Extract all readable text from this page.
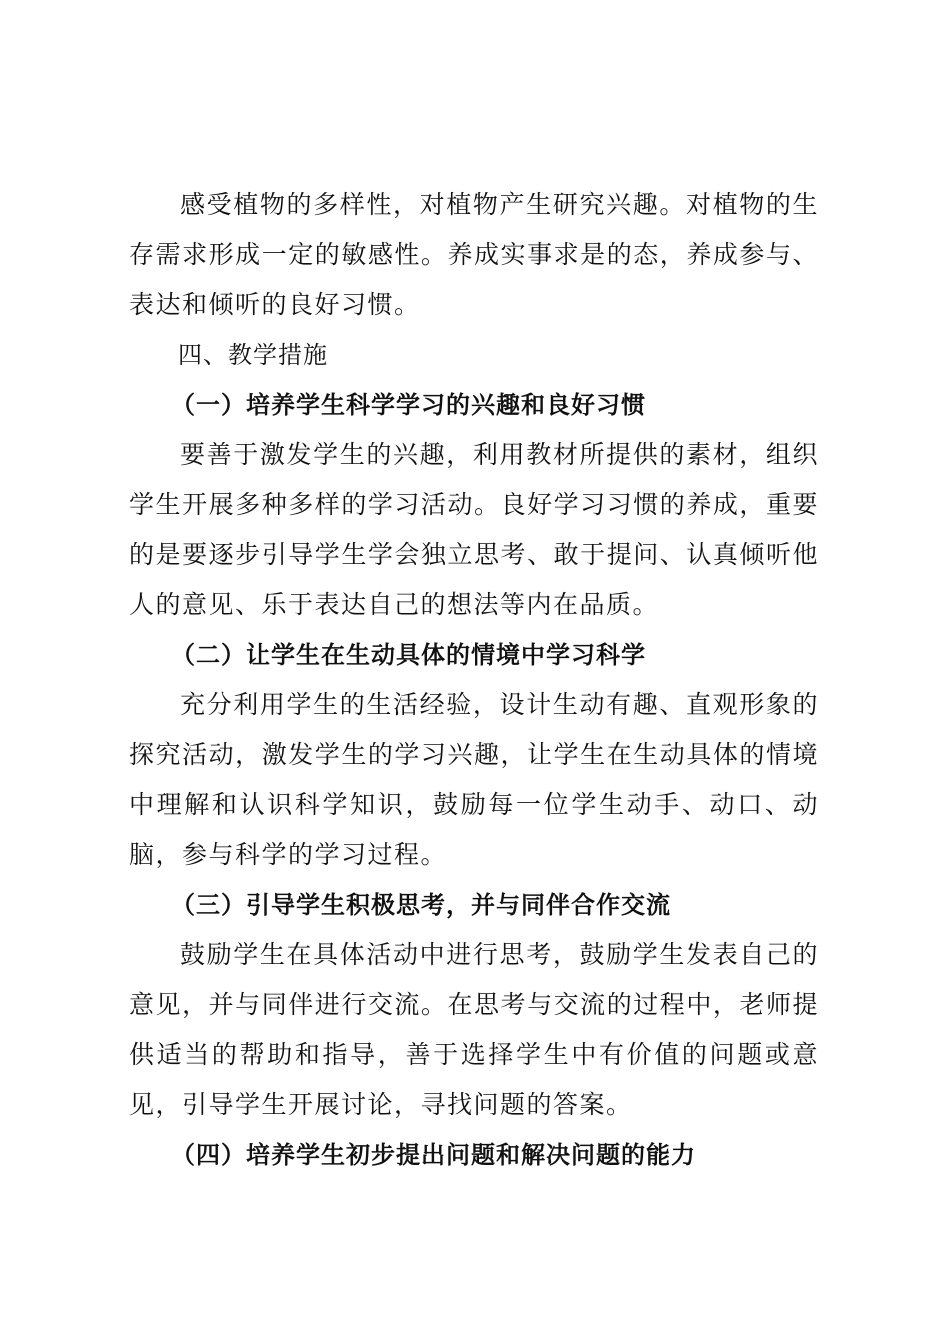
感受植物的多样性，对植物产生研究兴趣。对植物的生存需求形成一定的敏感性。养成实事求是的态，养成参与、表达和倾听的良好习惯。

四、教学措施

（一）培养学生科学学习的兴趣和良好习惯

要善于激发学生的兴趣，利用教材所提供的素材，组织学生开展多种多样的学习活动。良好学习习惯的养成，重要的是要逐步引导学生学会独立思考、敢于提问、认真倾听他人的意见、乐于表达自己的想法等内在品质。

（二）让学生在生动具体的情境中学习科学

充分利用学生的生活经验，设计生动有趣、直观形象的探究活动，激发学生的学习兴趣，让学生在生动具体的情境中理解和认识科学知识，鼓励每一位学生动手、动口、动脑，参与科学的学习过程。

（三）引导学生积极思考，并与同伴合作交流

鼓励学生在具体活动中进行思考，鼓励学生发表自己的意见，并与同伴进行交流。在思考与交流的过程中，老师提供适当的帮助和指导，善于选择学生中有价值的问题或意见，引导学生开展讨论，寻找问题的答案。

（四）培养学生初步提出问题和解决问题的能力
